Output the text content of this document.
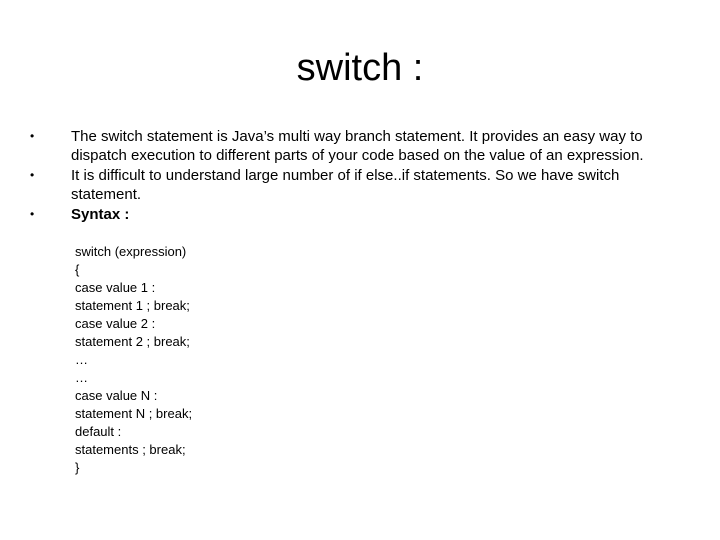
switch :
• The switch statement is Java’s multi way branch statement. It provides an easy way to dispatch execution to different parts of your code based on the value of an expression.
• It is difficult to understand large number of if else..if statements. So we have switch statement.
• Syntax :
switch (expression)
{
case value 1 :
statement 1 ; break;
case value 2 :
statement 2 ; break;
…
…
case value N :
statement N ; break;
default :
statements ; break;
}
